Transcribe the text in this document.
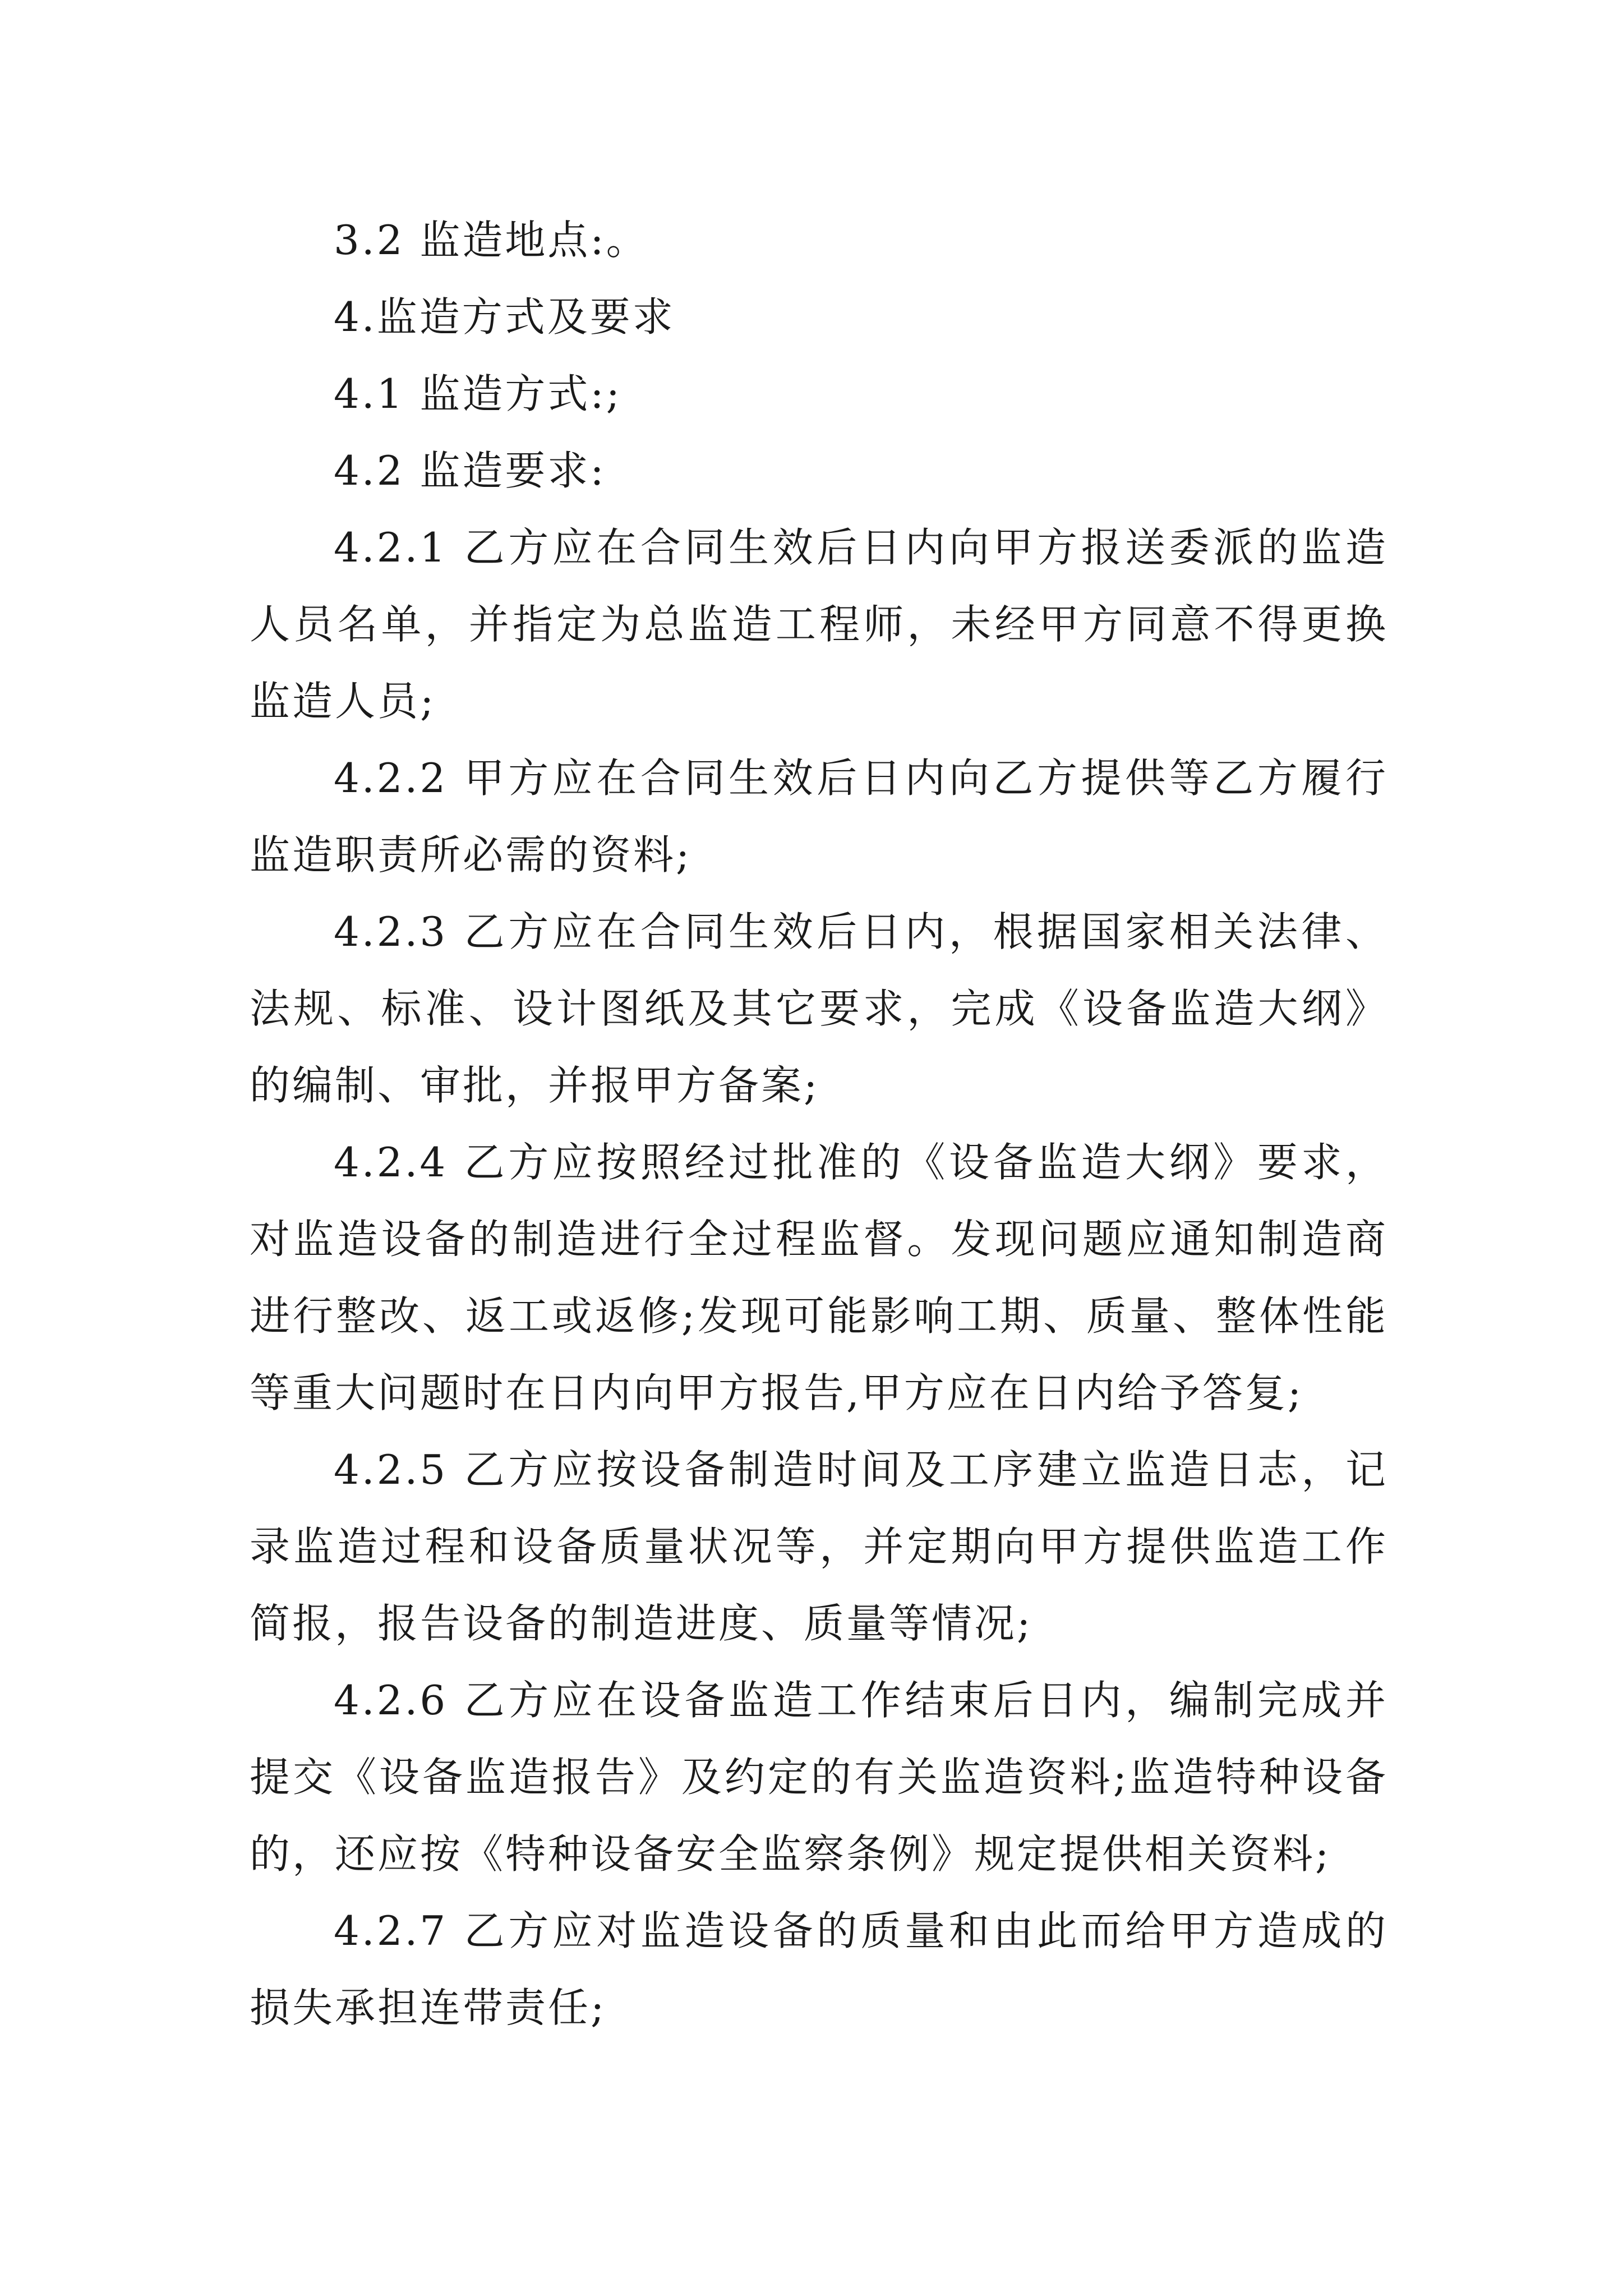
3.2 监造地点:。

4.监造方式及要求

4.1 监造方式:;

4.2 监造要求:

4.2.1 乙方应在合同生效后日内向甲方报送委派的监造人员名单，并指定为总监造工程师，未经甲方同意不得更换监造人员;

4.2.2 甲方应在合同生效后日内向乙方提供等乙方履行监造职责所必需的资料;

4.2.3 乙方应在合同生效后日内，根据国家相关法律、法规、标准、设计图纸及其它要求，完成《设备监造大纲》的编制、审批，并报甲方备案;

4.2.4 乙方应按照经过批准的《设备监造大纲》要求，对监造设备的制造进行全过程监督。发现问题应通知制造商进行整改、返工或返修;发现可能影响工期、质量、整体性能等重大问题时在日内向甲方报告,甲方应在日内给予答复;

4.2.5 乙方应按设备制造时间及工序建立监造日志，记录监造过程和设备质量状况等，并定期向甲方提供监造工作简报，报告设备的制造进度、质量等情况;

4.2.6 乙方应在设备监造工作结束后日内，编制完成并提交《设备监造报告》及约定的有关监造资料;监造特种设备的，还应按《特种设备安全监察条例》规定提供相关资料;

4.2.7 乙方应对监造设备的质量和由此而给甲方造成的损失承担连带责任;
